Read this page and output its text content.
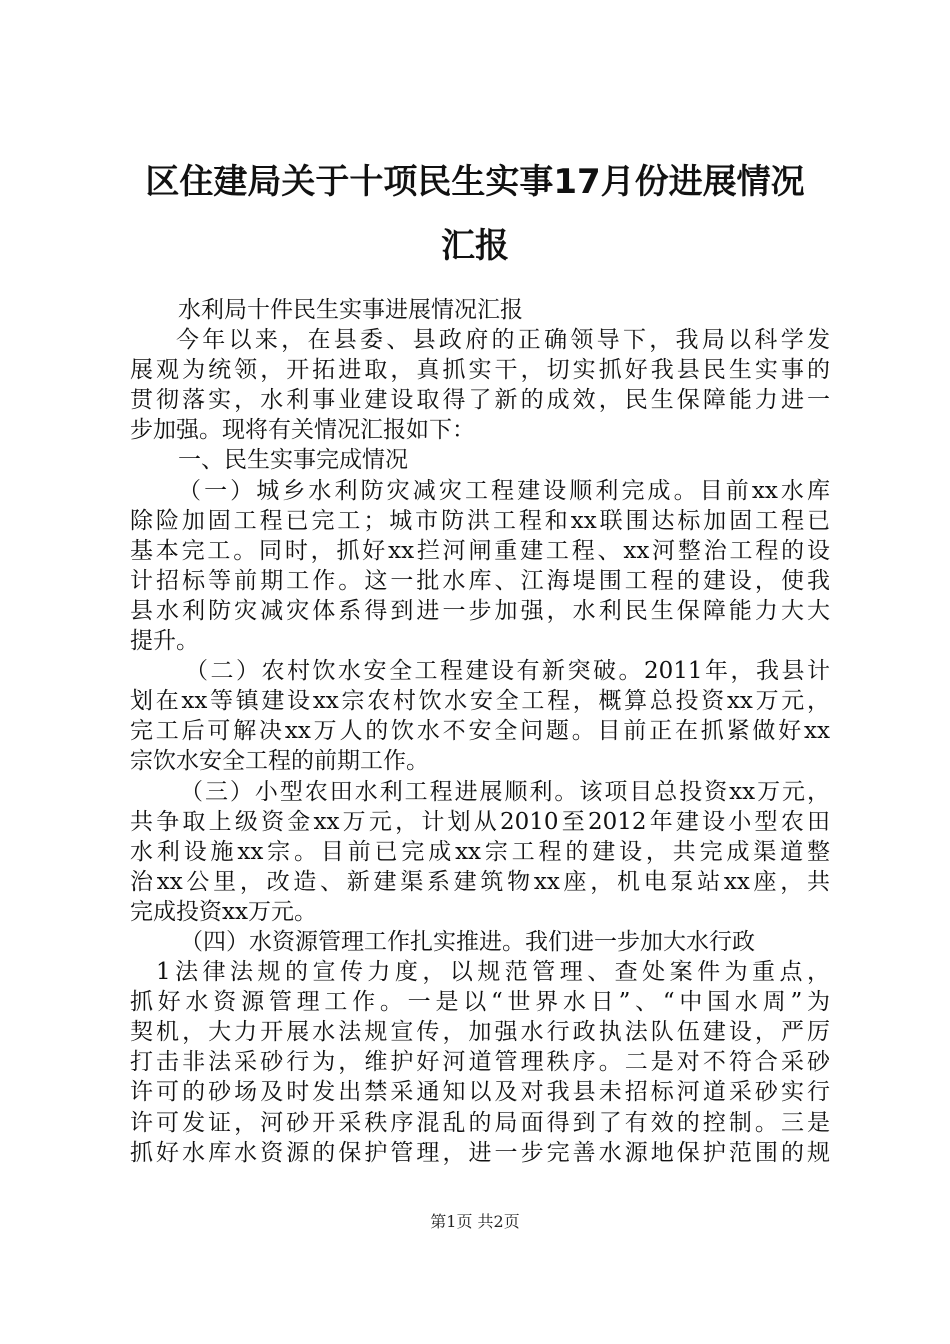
区住建局关于十项民生实事17月份进展情况
汇报
水利局十件民生实事进展情况汇报
今年以来，在县委、县政府的正确领导下，我局以科学发
展观为统领，开拓进取，真抓实干，切实抓好我县民生实事的
贯彻落实，水利事业建设取得了新的成效，民生保障能力进一
步加强。现将有关情况汇报如下：
一、民生实事完成情况
（一）城乡水利防灾减灾工程建设顺利完成。目前xx水库
除险加固工程已完工；城市防洪工程和xx联围达标加固工程已
基本完工。同时，抓好xx拦河闸重建工程、xx河整治工程的设
计招标等前期工作。这一批水库、江海堤围工程的建设，使我
县水利防灾减灾体系得到进一步加强，水利民生保障能力大大
提升。
（二）农村饮水安全工程建设有新突破。2011年，我县计
划在xx等镇建设xx宗农村饮水安全工程，概算总投资xx万元，
完工后可解决xx万人的饮水不安全问题。目前正在抓紧做好xx
宗饮水安全工程的前期工作。
（三）小型农田水利工程进展顺利。该项目总投资xx万元，
共争取上级资金xx万元，计划从2010至2012年建设小型农田
水利设施xx宗。目前已完成xx宗工程的建设，共完成渠道整
治xx公里，改造、新建渠系建筑物xx座，机电泵站xx座，共
完成投资xx万元。
（四）水资源管理工作扎实推进。我们进一步加大水行政
1法律法规的宣传力度，以规范管理、查处案件为重点，
抓好水资源管理工作。一是以“世界水日”、“中国水周”为
契机，大力开展水法规宣传，加强水行政执法队伍建设，严厉
打击非法采砂行为，维护好河道管理秩序。二是对不符合采砂
许可的砂场及时发出禁采通知以及对我县未招标河道采砂实行
许可发证，河砂开采秩序混乱的局面得到了有效的控制。三是
抓好水库水资源的保护管理，进一步完善水源地保护范围的规
第1页 共2页
